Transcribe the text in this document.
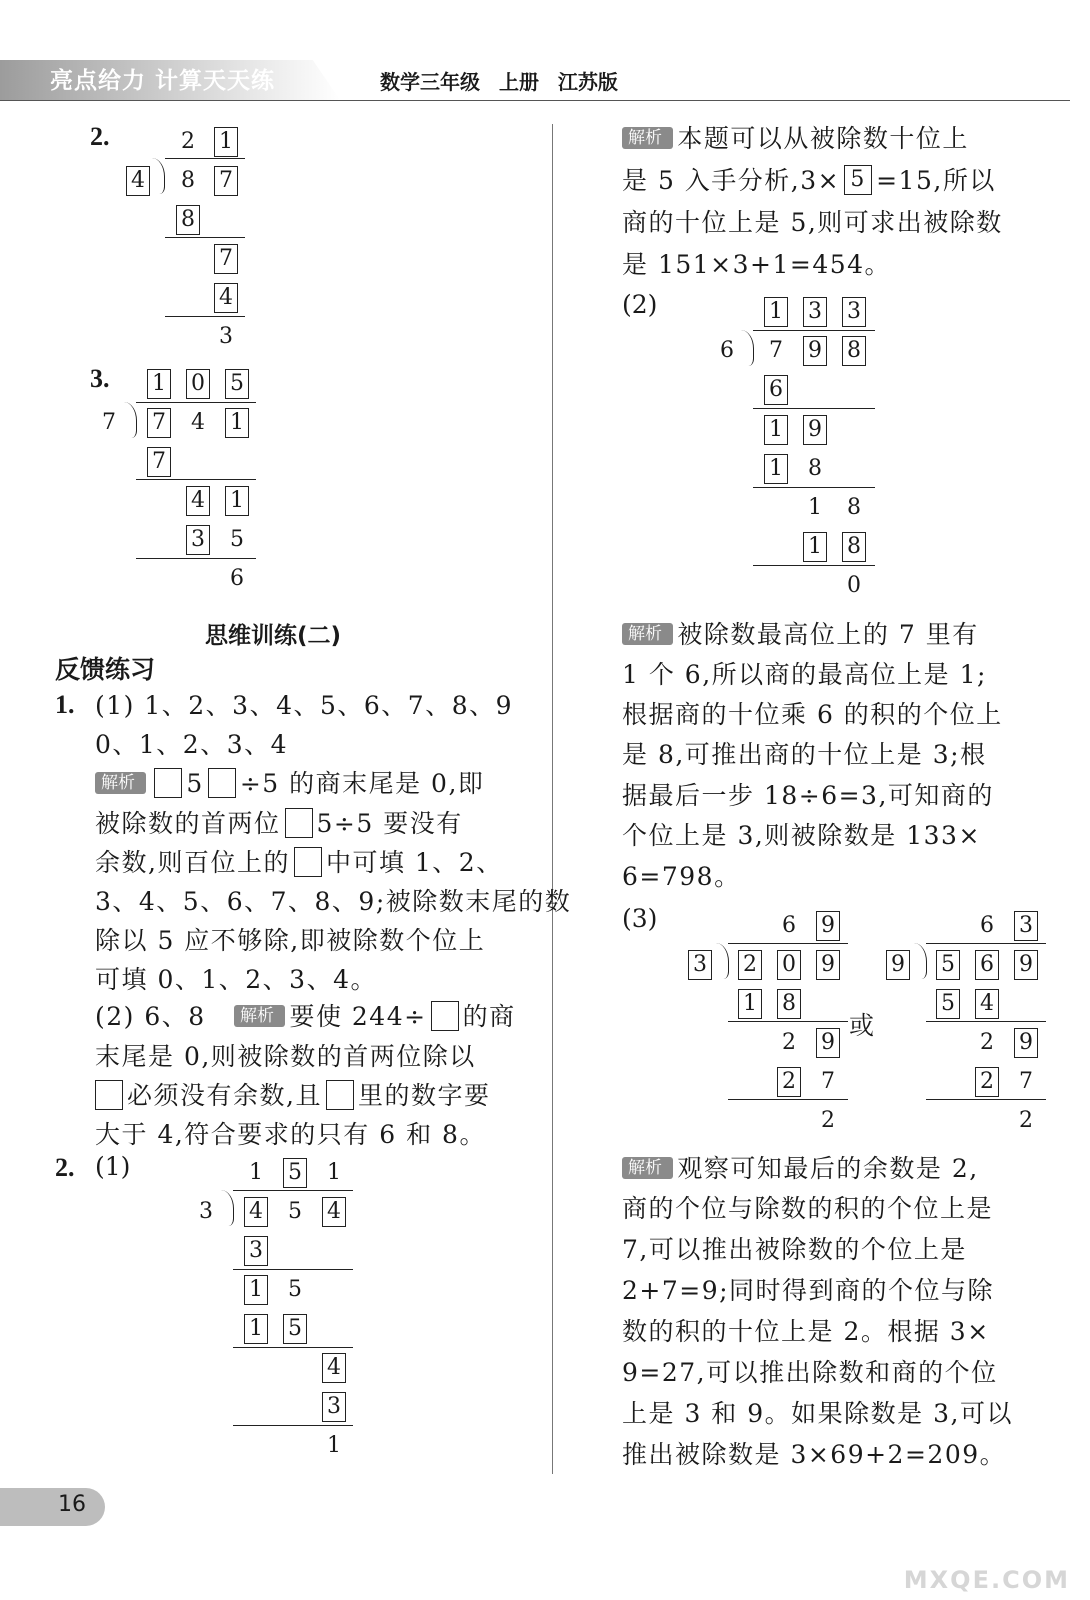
亮点给力 计算天天练	数学三年级 上册 江苏版
2.	2 1
4 8 7
8
7
4
3
3. 1 0 5
7 7 4 1
7
4 1
3 5
6
思维训练(二)
反馈练习
1. (1) 1、2、3、4、5、6、7、8、9
0、1、2、3、4
解析 · 5 ÷5 的商末尾是 0,即
被除数的首两位 5÷5 要没有
余数,则百位上的 中可填 1、2、
3、4、5、6、7、8、9;被除数末尾的数
除以 5 应不够除,即被除数个位上
可填 0、1、2、3、4。
(2) 6、8 解析 · 要使 244÷ 的商
末尾是 0,则被除数的首两位除以
必须没有余数,且 里的数字要
大于 4,符合要求的只有 6 和 8。
2. (1)	1 5 1
3 4 5 4
3
1 5
1 5
4
3
1
解析 · 本题可以从被除数十位上
是 5 入手分析,3× 5 =15,所以
商的十位上是 5,则可求出被除数
是 151×3+1=454。
(2)	1 3 3
6 7 9 8
6
1 9
1 8
1 8
1 8
0
解析 · 被除数最高位上的 7 里有
1 个 6,所以商的最高位上是 1;
根据商的十位乘 6 的积的个位上
是 8,可推出商的十位上是 3;根
据最后一步 18÷6=3,可知商的
个位上是 3,则被除数是 133×
6=798。
(3)	6 9
3 2 0 9
1 8
2 9
2 7
2
或
6 3
9 5 6 9
5 4
2 9
2 7
2
解析 · 观察可知最后的余数是 2,
商的个位与除数的积的个位上是
7,可以推出被除数的个位上是
2+7=9;同时得到商的个位与除
数的积的十位上是 2。根据 3×
9=27,可以推出除数和商的个位
上是 3 和 9。如果除数是 3,可以
推出被除数是 3×69+2=209。
16
MXQE.COM
